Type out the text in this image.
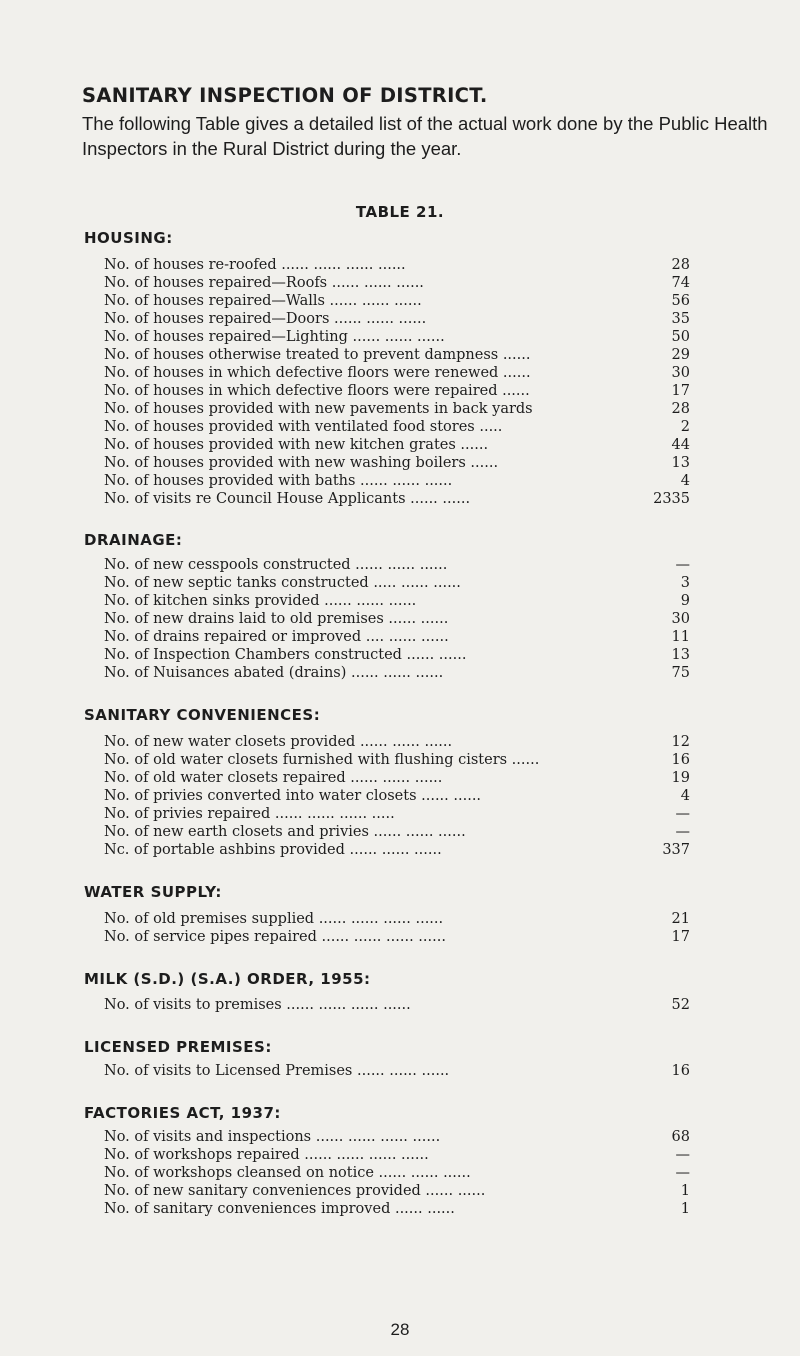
SANITARY INSPECTION OF DISTRICT.
The following Table gives a detailed list of the actual work done by the Public Health Inspectors in the Rural District during the year.
TABLE 21.
HOUSING:
No. of houses re-roofed ...... ...... ...... ......	28
No. of houses repaired—Roofs ...... ...... ......	74
No. of houses repaired—Walls ...... ...... ......	56
No. of houses repaired—Doors ...... ...... ......	35
No. of houses repaired—Lighting ...... ...... ......	50
No. of houses otherwise treated to prevent dampness ......	29
No. of houses in which defective floors were renewed ......	30
No. of houses in which defective floors were repaired ......	17
No. of houses provided with new pavements in back yards	28
No. of houses provided with ventilated food stores .....	2
No. of houses provided with new kitchen grates ......	44
No. of houses provided with new washing boilers ......	13
No. of houses provided with baths ...... ...... ......	4
No. of visits re Council House Applicants ...... ......	2335
DRAINAGE:
No. of new cesspools constructed ...... ...... ......	—
No. of new septic tanks constructed ..... ...... ......	3
No. of kitchen sinks provided ...... ...... ......	9
No. of new drains laid to old premises ...... ......	30
No. of drains repaired or improved .... ...... ......	11
No. of Inspection Chambers constructed ...... ......	13
No. of Nuisances abated (drains) ...... ...... ......	75
SANITARY CONVENIENCES:
No. of new water closets provided ...... ...... ......	12
No. of old water closets furnished with flushing cisters ......	16
No. of old water closets repaired ...... ...... ......	19
No. of privies converted into water closets ...... ......	4
No. of privies repaired ...... ...... ...... .....	—
No. of new earth closets and privies ...... ...... ......	—
Nc. of portable ashbins provided ...... ...... ......	337
WATER SUPPLY:
No. of old premises supplied ...... ...... ...... ......	21
No. of service pipes repaired ...... ...... ...... ......	17
MILK (S.D.) (S.A.) ORDER, 1955:
No. of visits to premises ...... ...... ...... ......	52
LICENSED PREMISES:
No. of visits to Licensed Premises ...... ...... ......	16
FACTORIES ACT, 1937:
No. of visits and inspections ...... ...... ...... ......	68
No. of workshops repaired ...... ...... ...... ......	—
No. of workshops cleansed on notice ...... ...... ......	—
No. of new sanitary conveniences provided ...... ......	1
No. of sanitary conveniences improved ...... ......	1
28
